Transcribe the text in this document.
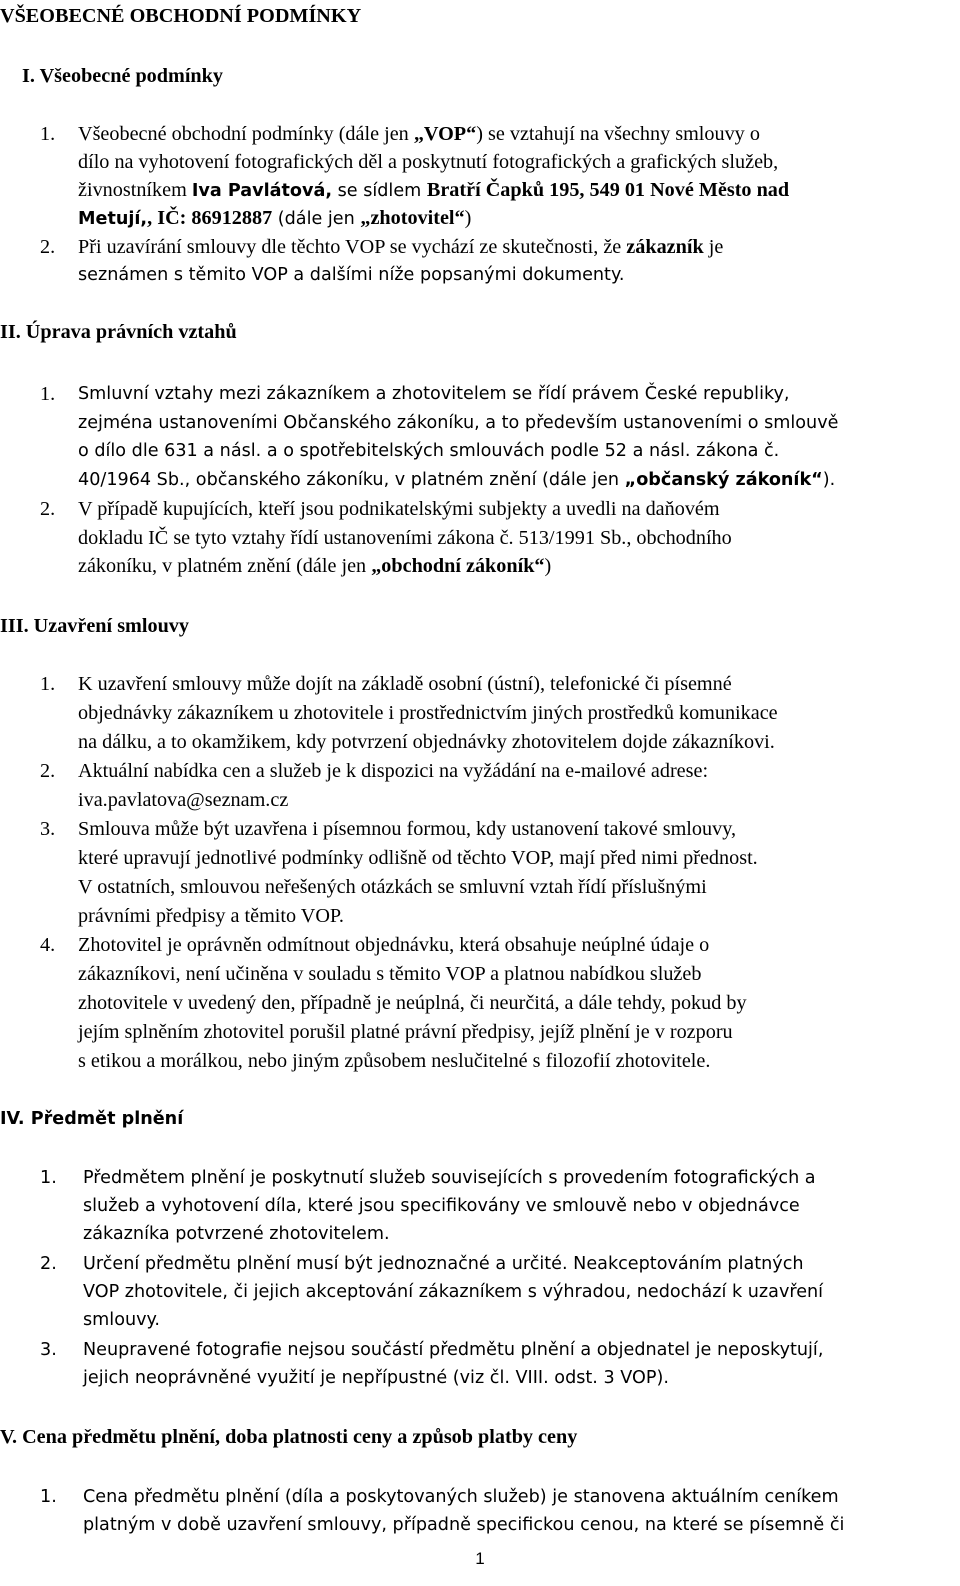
VŠEOBECNÉ OBCHODNÍ PODMÍNKY
I. Všeobecné podmínky
1.	Všeobecné obchodní podmínky (dále jen „VOP“) se vztahují na všechny smlouvy o
dílo na vyhotovení fotografických děl a poskytnutí fotografických a grafických služeb,
živnostníkem Iva Pavlátová, se sídlem Bratří Čapků 195, 549 01 Nové Město nad
Metují,, IČ: 86912887 (dále jen „zhotovitel“)
2.	Při uzavírání smlouvy dle těchto VOP se vychází ze skutečnosti, že zákazník je
seznámen s těmito VOP a dalšími níže popsanými dokumenty.
II. Úprava právních vztahů
1.	Smluvní vztahy mezi zákazníkem a zhotovitelem se řídí právem České republiky,
zejména ustanoveními Občanského zákoníku, a to především ustanoveními o smlouvě
o dílo dle 631 a násl. a o spotřebitelských smlouvách podle 52 a násl. zákona č.
40/1964 Sb., občanského zákoníku, v platném znění (dále jen „občanský zákoník“).
2.	V případě kupujících, kteří jsou podnikatelskými subjekty a uvedli na daňovém
dokladu IČ se tyto vztahy řídí ustanoveními zákona č. 513/1991 Sb., obchodního
zákoníku, v platném znění (dále jen „obchodní zákoník“)
III. Uzavření smlouvy
1.	K uzavření smlouvy může dojít na základě osobní (ústní), telefonické či písemné
objednávky zákazníkem u zhotovitele i prostřednictvím jiných prostředků komunikace
na dálku, a to okamžikem, kdy potvrzení objednávky zhotovitelem dojde zákazníkovi.
2.	Aktuální nabídka cen a služeb je k dispozici na vyžádání na e-mailové adrese:
iva.pavlatova@seznam.cz
3.	Smlouva může být uzavřena i písemnou formou, kdy ustanovení takové smlouvy,
které upravují jednotlivé podmínky odlišně od těchto VOP, mají před nimi přednost.
V ostatních, smlouvou neřešených otázkách se smluvní vztah řídí příslušnými
právními předpisy a těmito VOP.
4.	Zhotovitel je oprávněn odmítnout objednávku, která obsahuje neúplné údaje o
zákazníkovi, není učiněna v souladu s těmito VOP a platnou nabídkou služeb
zhotovitele v uvedený den, případně je neúplná, či neurčitá, a dále tehdy, pokud by
jejím splněním zhotovitel porušil platné právní předpisy, jejíž plnění je v rozporu
s etikou a morálkou, nebo jiným způsobem neslučitelné s filozofií zhotovitele.
IV. Předmět plnění
1.	Předmětem plnění je poskytnutí služeb souvisejících s provedením fotografických a
služeb a vyhotovení díla, které jsou specifikovány ve smlouvě nebo v objednávce
zákazníka potvrzené zhotovitelem.
2.	Určení předmětu plnění musí být jednoznačné a určité. Neakceptováním platných
VOP zhotovitele, či jejich akceptování zákazníkem s výhradou, nedochází k uzavření
smlouvy.
3.	Neupravené fotografie nejsou součástí předmětu plnění a objednatel je neposkytují,
jejich neoprávněné využití je nepřípustné (viz čl. VIII. odst. 3 VOP).
V. Cena předmětu plnění, doba platnosti ceny a způsob platby ceny
1.	Cena předmětu plnění (díla a poskytovaných služeb) je stanovena aktuálním ceníkem
platným v době uzavření smlouvy, případně specifickou cenou, na které se písemně či
1
